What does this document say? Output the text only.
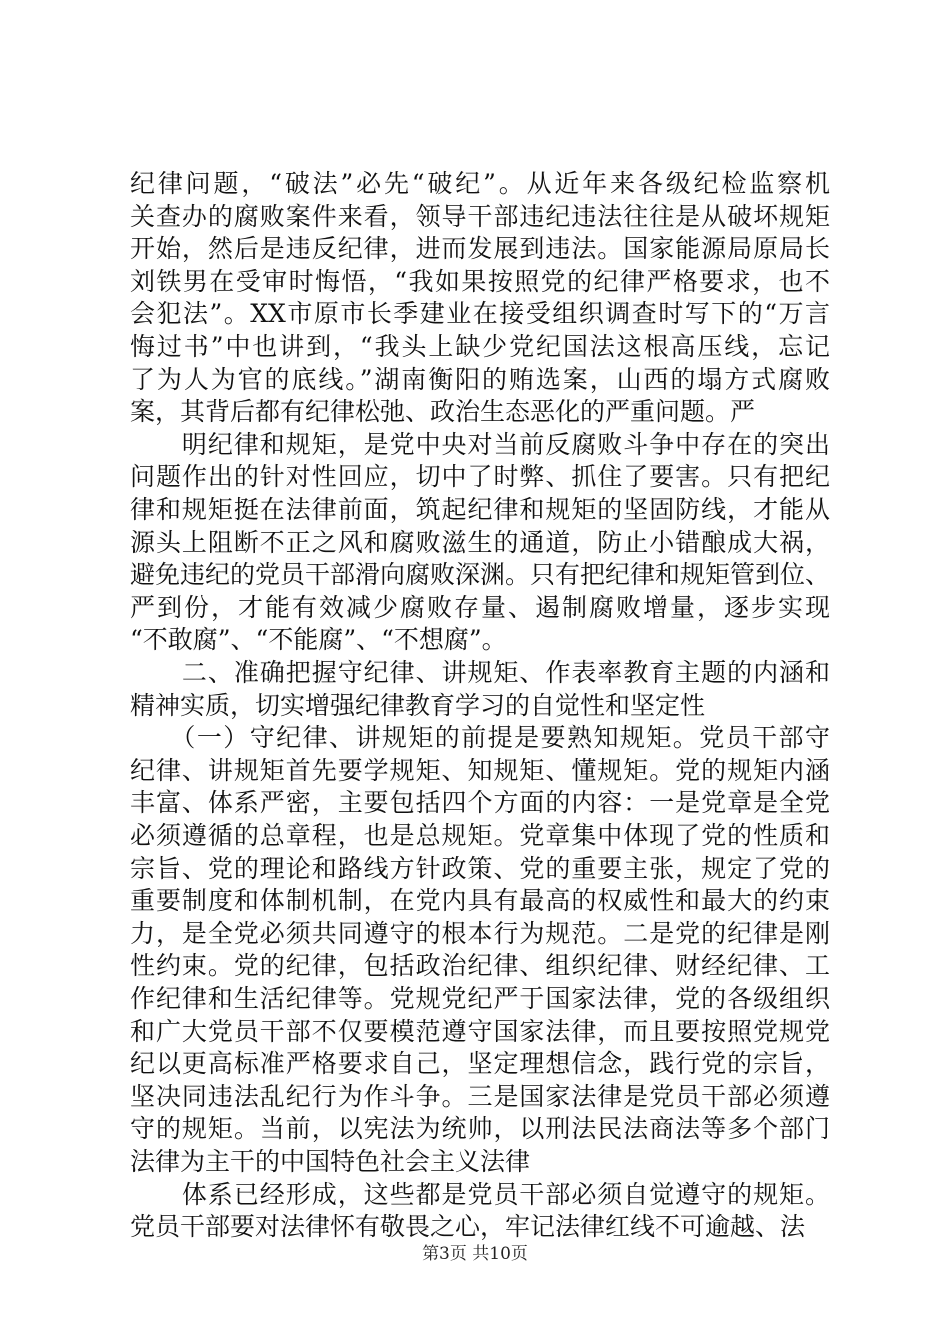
纪律问题，“破法”必先“破纪”。从近年来各级纪检监察机
关查办的腐败案件来看，领导干部违纪违法往往是从破坏规矩
开始，然后是违反纪律，进而发展到违法。国家能源局原局长
刘铁男在受审时悔悟，“我如果按照党的纪律严格要求，也不
会犯法”。XX市原市长季建业在接受组织调查时写下的“万言
悔过书”中也讲到，“我头上缺少党纪国法这根高压线，忘记
了为人为官的底线。”湖南衡阳的贿选案，山西的塌方式腐败
案，其背后都有纪律松弛、政治生态恶化的严重问题。严
　　明纪律和规矩，是党中央对当前反腐败斗争中存在的突出
问题作出的针对性回应，切中了时弊、抓住了要害。只有把纪
律和规矩挺在法律前面，筑起纪律和规矩的坚固防线，才能从
源头上阻断不正之风和腐败滋生的通道，防止小错酿成大祸，
避免违纪的党员干部滑向腐败深渊。只有把纪律和规矩管到位、
严到份，才能有效减少腐败存量、遏制腐败增量，逐步实现
“不敢腐”、“不能腐”、“不想腐”。
　　二、准确把握守纪律、讲规矩、作表率教育主题的内涵和
精神实质，切实增强纪律教育学习的自觉性和坚定性
　　（一）守纪律、讲规矩的前提是要熟知规矩。党员干部守
纪律、讲规矩首先要学规矩、知规矩、懂规矩。党的规矩内涵
丰富、体系严密，主要包括四个方面的内容：一是党章是全党
必须遵循的总章程，也是总规矩。党章集中体现了党的性质和
宗旨、党的理论和路线方针政策、党的重要主张，规定了党的
重要制度和体制机制，在党内具有最高的权威性和最大的约束
力，是全党必须共同遵守的根本行为规范。二是党的纪律是刚
性约束。党的纪律，包括政治纪律、组织纪律、财经纪律、工
作纪律和生活纪律等。党规党纪严于国家法律，党的各级组织
和广大党员干部不仅要模范遵守国家法律，而且要按照党规党
纪以更高标准严格要求自己，坚定理想信念，践行党的宗旨，
坚决同违法乱纪行为作斗争。三是国家法律是党员干部必须遵
守的规矩。当前，以宪法为统帅，以刑法民法商法等多个部门
法律为主干的中国特色社会主义法律
　　体系已经形成，这些都是党员干部必须自觉遵守的规矩。
党员干部要对法律怀有敬畏之心，牢记法律红线不可逾越、法
第3页 共10页
